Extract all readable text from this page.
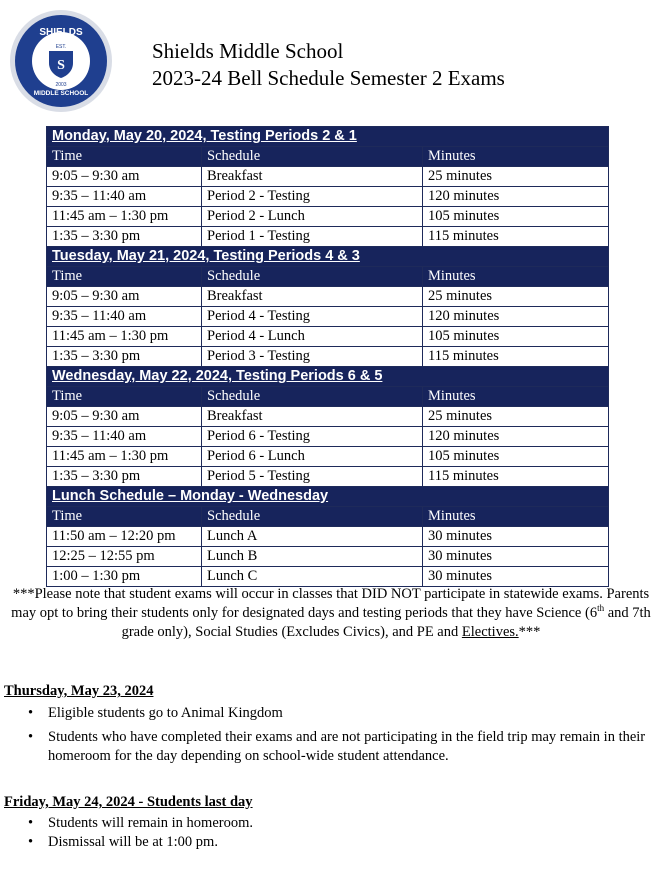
SHIELDS
MIDDLE SCHOOL
EST.
S
2003
Shields Middle School
2023-24 Bell Schedule Semester 2 Exams
Monday, May 20, 2024, Testing Periods 2 & 1		
Time	Schedule	Minutes
9:05 – 9:30 am	Breakfast	25 minutes
9:35 – 11:40 am	Period 2 - Testing	120 minutes
11:45 am – 1:30 pm	Period 2 - Lunch	105 minutes
1:35 – 3:30 pm	Period 1 - Testing	115 minutes
Tuesday, May 21, 2024, Testing Periods 4 & 3		
Time	Schedule	Minutes
9:05 – 9:30 am	Breakfast	25 minutes
9:35 – 11:40 am	Period 4 - Testing	120 minutes
11:45 am – 1:30 pm	Period 4 - Lunch	105 minutes
1:35 – 3:30 pm	Period 3 - Testing	115 minutes
Wednesday, May 22, 2024, Testing Periods 6 & 5		
Time	Schedule	Minutes
9:05 – 9:30 am	Breakfast	25 minutes
9:35 – 11:40 am	Period 6 - Testing	120 minutes
11:45 am – 1:30 pm	Period 6 - Lunch	105 minutes
1:35 – 3:30 pm	Period 5 - Testing	115 minutes
Lunch Schedule – Monday - Wednesday		
Time	Schedule	Minutes
11:50 am – 12:20 pm	Lunch A	30 minutes
12:25 – 12:55 pm	Lunch B	30 minutes
1:00 – 1:30 pm	Lunch C	30 minutes
***Please note that student exams will occur in classes that DID NOT participate in statewide exams. Parents may opt to bring their students only for designated days and testing periods that they have Science (6th and 7th grade only), Social Studies (Excludes Civics), and PE and Electives.***
Thursday, May 23, 2024
• Eligible students go to Animal Kingdom
• Students who have completed their exams and are not participating in the field trip may remain in their homeroom for the day depending on school-wide student attendance.
Friday, May 24, 2024 - Students last day
• Students will remain in homeroom.
• Dismissal will be at 1:00 pm.
